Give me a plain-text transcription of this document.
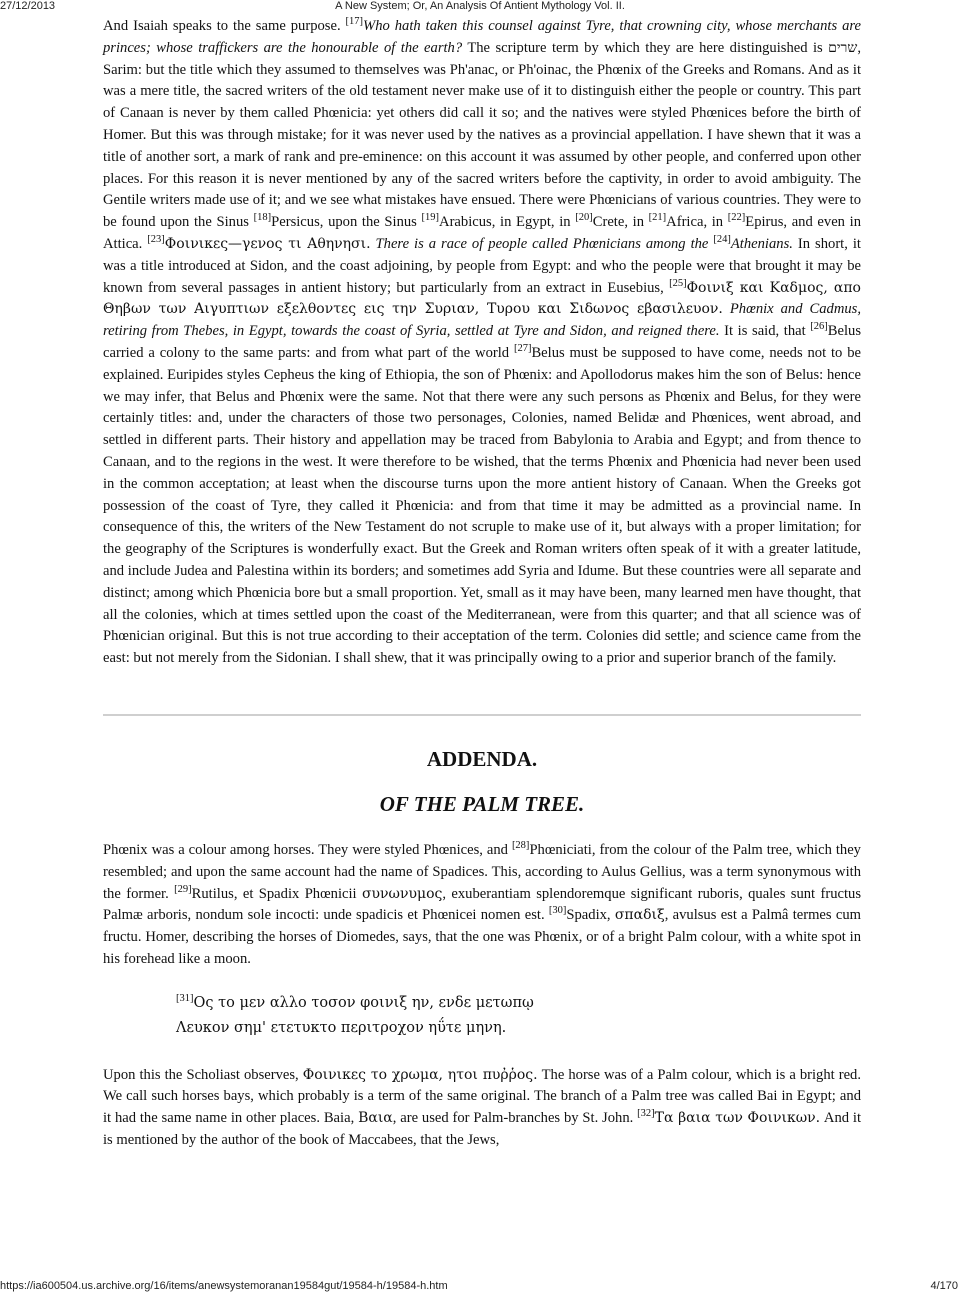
27/12/2013	A New System; Or, An Analysis Of Antient Mythology Vol. II.

And Isaiah speaks to the same purpose. [17]Who hath taken this counsel against Tyre, that crowning city, whose merchants are princes; whose traffickers are the honourable of the earth? The scripture term by which they are here distinguished is שרים, Sarim: but the title which they assumed to themselves was Ph'anac, or Ph'oinac, the Phœnix of the Greeks and Romans. And as it was a mere title, the sacred writers of the old testament never make use of it to distinguish either the people or country. This part of Canaan is never by them called Phœnicia: yet others did call it so; and the natives were styled Phœnices before the birth of Homer. But this was through mistake; for it was never used by the natives as a provincial appellation. I have shewn that it was a title of another sort, a mark of rank and pre-eminence: on this account it was assumed by other people, and conferred upon other places. For this reason it is never mentioned by any of the sacred writers before the captivity, in order to avoid ambiguity. The Gentile writers made use of it; and we see what mistakes have ensued. There were Phœnicians of various countries. They were to be found upon the Sinus [18]Persicus, upon the Sinus [19]Arabicus, in Egypt, in [20]Crete, in [21]Africa, in [22]Epirus, and even in Attica. [23]Φοινικες—γενος τι Αθηνησι. There is a race of people called Phœnicians among the [24]Athenians. In short, it was a title introduced at Sidon, and the coast adjoining, by people from Egypt: and who the people were that brought it may be known from several passages in antient history; but particularly from an extract in Eusebius, [25]Φοινιξ και Καδμος, απο Θηβων των Αιγυπτιων εξελθοντες εις την Συριαν, Τυρου και Σιδωνος εβασιλευον. Phœnix and Cadmus, retiring from Thebes, in Egypt, towards the coast of Syria, settled at Tyre and Sidon, and reigned there. It is said, that [26]Belus carried a colony to the same parts: and from what part of the world [27]Belus must be supposed to have come, needs not to be explained. Euripides styles Cepheus the king of Ethiopia, the son of Phœnix: and Apollodorus makes him the son of Belus: hence we may infer, that Belus and Phœnix were the same. Not that there were any such persons as Phœnix and Belus, for they were certainly titles: and, under the characters of those two personages, Colonies, named Belidæ and Phœnices, went abroad, and settled in different parts. Their history and appellation may be traced from Babylonia to Arabia and Egypt; and from thence to Canaan, and to the regions in the west. It were therefore to be wished, that the terms Phœnix and Phœnicia had never been used in the common acceptation; at least when the discourse turns upon the more antient history of Canaan. When the Greeks got possession of the coast of Tyre, they called it Phœnicia: and from that time it may be admitted as a provincial name. In consequence of this, the writers of the New Testament do not scruple to make use of it, but always with a proper limitation; for the geography of the Scriptures is wonderfully exact. But the Greek and Roman writers often speak of it with a greater latitude, and include Judea and Palestina within its borders; and sometimes add Syria and Idume. But these countries were all separate and distinct; among which Phœnicia bore but a small proportion. Yet, small as it may have been, many learned men have thought, that all the colonies, which at times settled upon the coast of the Mediterranean, were from this quarter; and that all science was of Phœnician original. But this is not true according to their acceptation of the term. Colonies did settle; and science came from the east: but not merely from the Sidonian. I shall shew, that it was principally owing to a prior and superior branch of the family.

ADDENDA.
OF THE PALM TREE.

Phœnix was a colour among horses. They were styled Phœnices, and [28]Phœniciati, from the colour of the Palm tree, which they resembled; and upon the same account had the name of Spadices. This, according to Aulus Gellius, was a term synonymous with the former. [29]Rutilus, et Spadix Phœnicii συνωνυμος, exuberantiam splendoremque significant ruboris, quales sunt fructus Palmæ arboris, nondum sole incocti: unde spadicis et Phœnicei nomen est. [30]Spadix, σπαδιξ, avulsus est a Palmâ termes cum fructu. Homer, describing the horses of Diomedes, says, that the one was Phœnix, or of a bright Palm colour, with a white spot in his forehead like a moon.

[31]Ος το μεν αλλο τοσον φοινιξ ην, ενδε μετωπῳ
Λευκον σημ' ετετυκτο περιτροχον ηΰτε μηνη.

Upon this the Scholiast observes, Φοινικες το χρωμα, ητοι πυῤῥος. The horse was of a Palm colour, which is a bright red. We call such horses bays, which probably is a term of the same original. The branch of a Palm tree was called Bai in Egypt; and it had the same name in other places. Baia, Βαια, are used for Palm-branches by St. John. [32]Τα βαια των Φοινικων. And it is mentioned by the author of the book of Maccabees, that the Jews,

https://ia600504.us.archive.org/16/items/anewsystemoranan19584gut/19584-h/19584-h.htm	4/170
